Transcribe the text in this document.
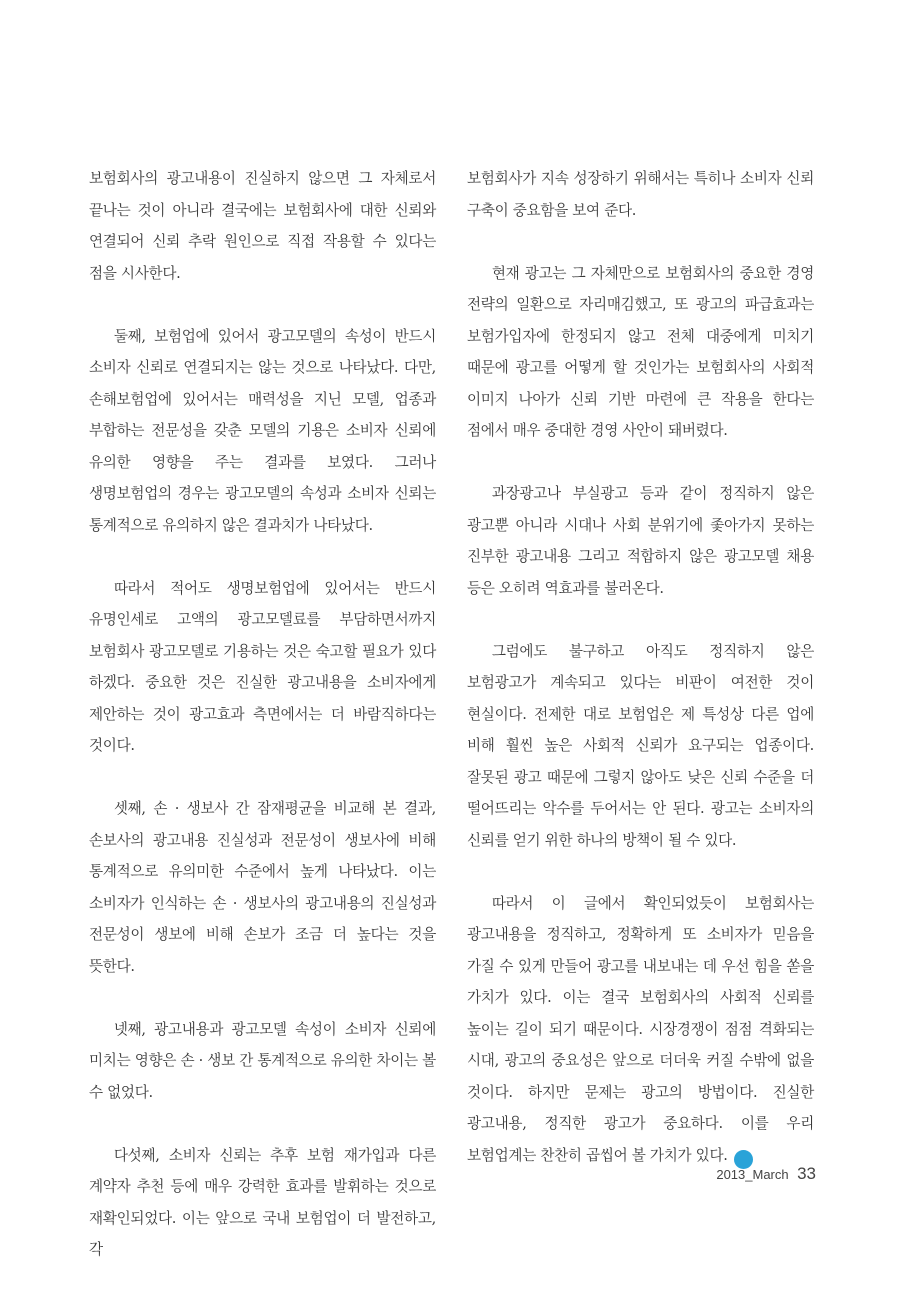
보험회사의 광고내용이 진실하지 않으면 그 자체로서 끝나는 것이 아니라 결국에는 보험회사에 대한 신뢰와 연결되어 신뢰 추락 원인으로 직접 작용할 수 있다는 점을 시사한다.

둘째, 보험업에 있어서 광고모델의 속성이 반드시 소비자 신뢰로 연결되지는 않는 것으로 나타났다. 다만, 손해보험업에 있어서는 매력성을 지닌 모델, 업종과 부합하는 전문성을 갖춘 모델의 기용은 소비자 신뢰에 유의한 영향을 주는 결과를 보였다. 그러나 생명보험업의 경우는 광고모델의 속성과 소비자 신뢰는 통계적으로 유의하지 않은 결과치가 나타났다.

따라서 적어도 생명보험업에 있어서는 반드시 유명인세로 고액의 광고모델료를 부담하면서까지 보험회사 광고모델로 기용하는 것은 숙고할 필요가 있다 하겠다. 중요한 것은 진실한 광고내용을 소비자에게 제안하는 것이 광고효과 측면에서는 더 바람직하다는 것이다.

셋째, 손 · 생보사 간 잠재평균을 비교해 본 결과, 손보사의 광고내용 진실성과 전문성이 생보사에 비해 통계적으로 유의미한 수준에서 높게 나타났다. 이는 소비자가 인식하는 손 · 생보사의 광고내용의 진실성과 전문성이 생보에 비해 손보가 조금 더 높다는 것을 뜻한다.

넷째, 광고내용과 광고모델 속성이 소비자 신뢰에 미치는 영향은 손 · 생보 간 통계적으로 유의한 차이는 볼 수 없었다.

다섯째, 소비자 신뢰는 추후 보험 재가입과 다른 계약자 추천 등에 매우 강력한 효과를 발휘하는 것으로 재확인되었다. 이는 앞으로 국내 보험업이 더 발전하고, 각

보험회사가 지속 성장하기 위해서는 특히나 소비자 신뢰 구축이 중요함을 보여 준다.

현재 광고는 그 자체만으로 보험회사의 중요한 경영 전략의 일환으로 자리매김했고, 또 광고의 파급효과는 보험가입자에 한정되지 않고 전체 대중에게 미치기 때문에 광고를 어떻게 할 것인가는 보험회사의 사회적 이미지 나아가 신뢰 기반 마련에 큰 작용을 한다는 점에서 매우 중대한 경영 사안이 돼버렸다.

과장광고나 부실광고 등과 같이 정직하지 않은 광고뿐 아니라 시대나 사회 분위기에 좇아가지 못하는 진부한 광고내용 그리고 적합하지 않은 광고모델 채용 등은 오히려 역효과를 불러온다.

그럼에도 불구하고 아직도 정직하지 않은 보험광고가 계속되고 있다는 비판이 여전한 것이 현실이다. 전제한 대로 보험업은 제 특성상 다른 업에 비해 훨씬 높은 사회적 신뢰가 요구되는 업종이다. 잘못된 광고 때문에 그렇지 않아도 낮은 신뢰 수준을 더 떨어뜨리는 악수를 두어서는 안 된다. 광고는 소비자의 신뢰를 얻기 위한 하나의 방책이 될 수 있다.

따라서 이 글에서 확인되었듯이 보험회사는 광고내용을 정직하고, 정확하게 또 소비자가 믿음을 가질 수 있게 만들어 광고를 내보내는 데 우선 힘을 쏟을 가치가 있다. 이는 결국 보험회사의 사회적 신뢰를 높이는 길이 되기 때문이다. 시장경쟁이 점점 격화되는 시대, 광고의 중요성은 앞으로 더더욱 커질 수밖에 없을 것이다. 하지만 문제는 광고의 방법이다. 진실한 광고내용, 정직한 광고가 중요하다. 이를 우리 보험업계는 찬찬히 곱씹어 볼 가치가 있다.	보

2013_March 33
